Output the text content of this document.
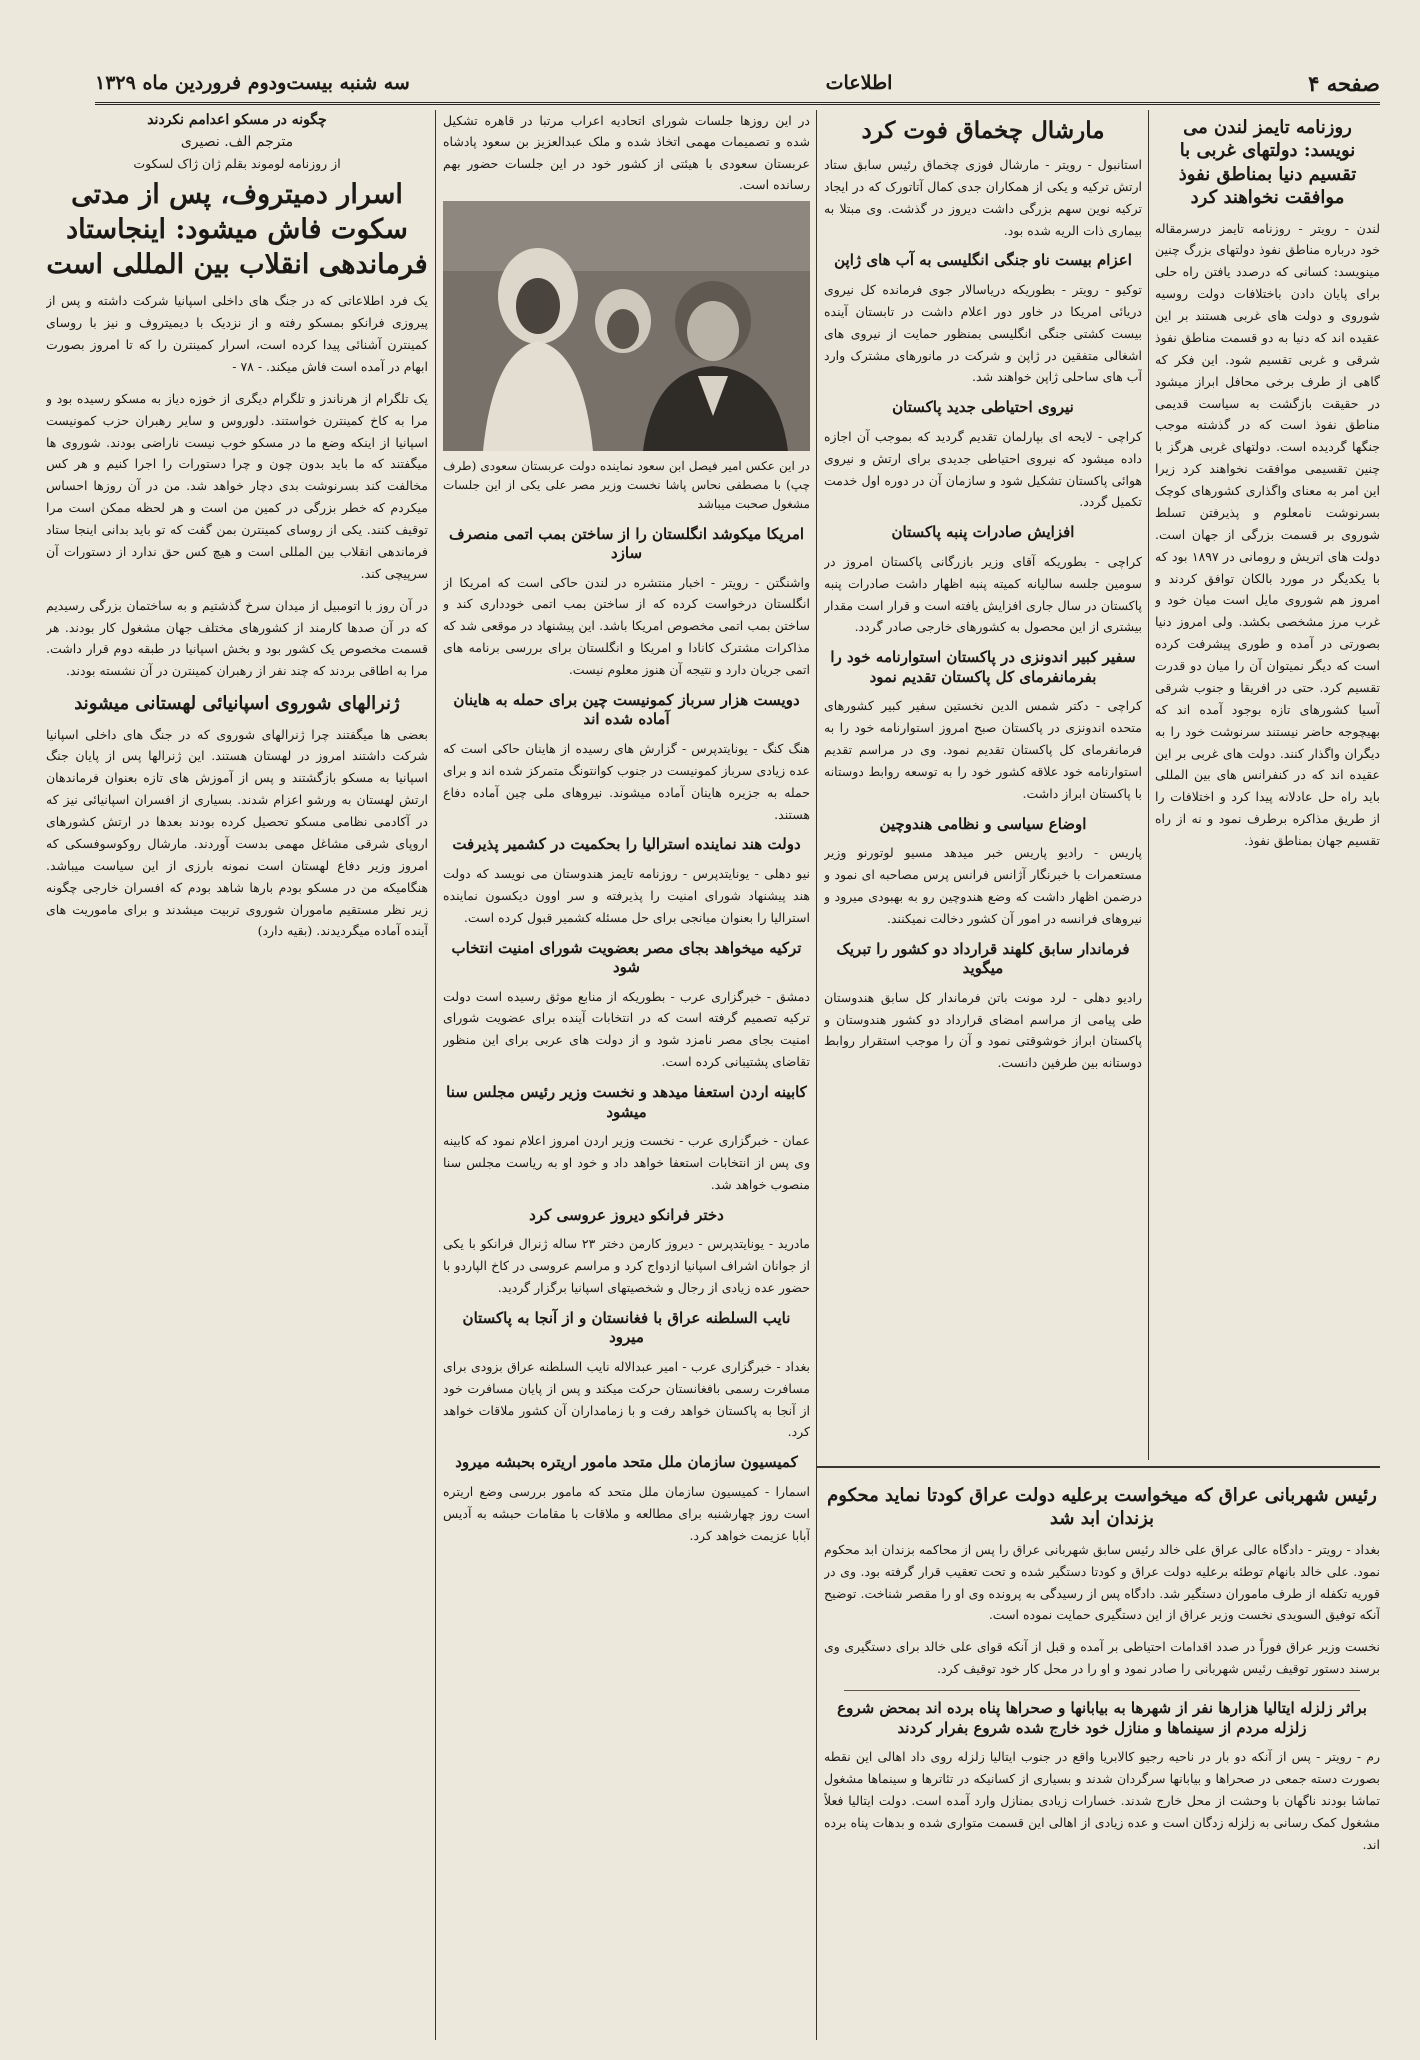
صفحه ۴
اطلاعات
سه شنبه بیست‌ودوم فروردین ماه ۱۳۲۹
روزنامه تایمز لندن می نویسد: دولتهای غربی با تقسیم دنیا بمناطق نفوذ موافقت نخواهند کرد

لندن - رویتر - روزنامه تایمز درسرمقاله خود درباره مناطق نفوذ دولتهای بزرگ چنین مینویسد: کسانی که درصدد یافتن راه حلی برای پایان دادن باختلافات دولت روسیه شوروی و دولت های غربی هستند بر این عقیده اند که دنیا به دو قسمت مناطق نفوذ شرقی و غربی تقسیم شود. این فکر که گاهی از طرف برخی محافل ابراز میشود در حقیقت بازگشت به سیاست قدیمی مناطق نفوذ است که در گذشته موجب جنگها گردیده است. دولتهای غربی هرگز با چنین تقسیمی موافقت نخواهند کرد زیرا این امر به معنای واگذاری کشورهای کوچک بسرنوشت نامعلوم و پذیرفتن تسلط شوروی بر قسمت بزرگی از جهان است. دولت های اتریش و رومانی در ۱۸۹۷ بود که با یکدیگر در مورد بالکان توافق کردند و امروز هم شوروی مایل است میان خود و غرب مرز مشخصی بکشد. ولی امروز دنیا بصورتی در آمده و طوری پیشرفت کرده است که دیگر نمیتوان آن را میان دو قدرت تقسیم کرد. حتی در افریقا و جنوب شرقی آسیا کشورهای تازه بوجود آمده اند که بهیچوجه حاضر نیستند سرنوشت خود را به دیگران واگذار کنند. دولت های غربی بر این عقیده اند که در کنفرانس های بین المللی باید راه حل عادلانه پیدا کرد و اختلافات را از طریق مذاکره برطرف نمود و نه از راه تقسیم جهان بمناطق نفوذ.

مارشال چخماق فوت کرد

استانبول - رویتر - مارشال فوزی چخماق رئیس سابق ستاد ارتش ترکیه و یکی از همکاران جدی کمال آتاتورک که در ایجاد ترکیه نوین سهم بزرگی داشت دیروز در گذشت. وی مبتلا به بیماری ذات الریه شده بود.

اعزام بیست ناو جنگی انگلیسی به آب های ژاپن

توکیو - رویتر - بطوریکه دریاسالار جوی فرمانده کل نیروی دریائی امریکا در خاور دور اعلام داشت در تابستان آینده بیست کشتی جنگی انگلیسی بمنظور حمایت از نیروی های اشغالی متفقین در ژاپن و شرکت در مانورهای مشترک وارد آب های ساحلی ژاپن خواهند شد.

نیروی احتیاطی جدید پاکستان

کراچی - لایحه ای بپارلمان تقدیم گردید که بموجب آن اجازه داده میشود که نیروی احتیاطی جدیدی برای ارتش و نیروی هوائی پاکستان تشکیل شود و سازمان آن در دوره اول خدمت تکمیل گردد.

افزایش صادرات پنبه پاکستان

کراچی - بطوریکه آقای وزیر بازرگانی پاکستان امروز در سومین جلسه سالیانه کمیته پنبه اظهار داشت صادرات پنبه پاکستان در سال جاری افزایش یافته است و قرار است مقدار بیشتری از این محصول به کشورهای خارجی صادر گردد.

سفیر کبیر اندونزی در پاکستان استوارنامه خود را بفرمانفرمای کل پاکستان تقدیم نمود

کراچی - دکتر شمس الدین نخستین سفیر کبیر کشورهای متحده اندونزی در پاکستان صبح امروز استوارنامه خود را به فرمانفرمای کل پاکستان تقدیم نمود. وی در مراسم تقدیم استوارنامه خود علاقه کشور خود را به توسعه روابط دوستانه با پاکستان ابراز داشت.

اوضاع سیاسی و نظامی هندوچین

پاریس - رادیو پاریس خبر میدهد مسیو لوتورنو وزیر مستعمرات با خبرنگار آژانس فرانس پرس مصاحبه ای نمود و درضمن اظهار داشت که وضع هندوچین رو به بهبودی میرود و نیروهای فرانسه در امور آن کشور دخالت نمیکنند.

فرماندار سابق کلهند قرارداد دو کشور را تبریک میگوید

رادیو دهلی - لرد مونت باتن فرماندار کل سابق هندوستان طی پیامی از مراسم امضای قرارداد دو کشور هندوستان و پاکستان ابراز خوشوقتی نمود و آن را موجب استقرار روابط دوستانه بین طرفین دانست.

رئیس شهربانی عراق که میخواست برعلیه دولت عراق کودتا نماید محکوم بزندان ابد شد

بغداد - رویتر - دادگاه عالی عراق علی خالد رئیس سابق شهربانی عراق را پس از محاکمه بزندان ابد محکوم نمود. علی خالد بانهام توطئه برعلیه دولت عراق و کودتا دستگیر شده و تحت تعقیب قرار گرفته بود. وی در قوریه تکفله از طرف ماموران دستگیر شد. دادگاه پس از رسیدگی به پرونده وی او را مقصر شناخت. توضیح آنکه توفیق السویدی نخست وزیر عراق از این دستگیری حمایت نموده است.

نخست وزیر عراق فوراً در صدد اقدامات احتیاطی بر آمده و قبل از آنکه قوای علی خالد برای دستگیری وی برسند دستور توقیف رئیس شهربانی را صادر نمود و او را در محل کار خود توقیف کرد.

براثر زلزله ایتالیا هزارها نفر از شهرها به بیابانها و صحراها پناه برده اند بمحض شروع زلزله مردم از سینماها و منازل خود خارج شده شروع بفرار کردند

رم - رویتر - پس از آنکه دو بار در ناحیه رجیو کالابریا واقع در جنوب ایتالیا زلزله روی داد اهالی این نقطه بصورت دسته جمعی در صحراها و بیابانها سرگردان شدند و بسیاری از کسانیکه در تئاترها و سینماها مشغول تماشا بودند ناگهان با وحشت از محل خارج شدند. خسارات زیادی بمنازل وارد آمده است. دولت ایتالیا فعلاً مشغول کمک رسانی به زلزله زدگان است و عده زیادی از اهالی این قسمت متواری شده و بدهات پناه برده اند.

در این روزها جلسات شورای اتحادیه اعراب مرتبا در قاهره تشکیل شده و تصمیمات مهمی اتخاذ شده و ملک عبدالعزیز بن سعود پادشاه عربستان سعودی با هیئتی از کشور خود در این جلسات حضور بهم رسانده است.

در این عکس امیر فیصل ابن سعود نماینده دولت عربستان سعودی (طرف چپ) با مصطفی نحاس پاشا نخست وزیر مصر علی یکی از این جلسات مشغول صحبت میباشد

امریکا میکوشد انگلستان را از ساختن بمب اتمی منصرف سازد

واشنگتن - رویتر - اخبار منتشره در لندن حاکی است که امریکا از انگلستان درخواست کرده که از ساختن بمب اتمی خودداری کند و ساختن بمب اتمی مخصوص امریکا باشد. این پیشنهاد در موقعی شد که مذاکرات مشترک کانادا و امریکا و انگلستان برای بررسی برنامه های اتمی جریان دارد و نتیجه آن هنوز معلوم نیست.

دویست هزار سرباز کمونیست چین برای حمله به هاینان آماده شده اند

هنگ کنگ - یونایتدپرس - گزارش های رسیده از هاینان حاکی است که عده زیادی سرباز کمونیست در جنوب کوانتونگ متمرکز شده اند و برای حمله به جزیره هاینان آماده میشوند. نیروهای ملی چین آماده دفاع هستند.

دولت هند نماینده استرالیا را بحکمیت در کشمیر پذیرفت

نیو دهلی - یونایتدپرس - روزنامه تایمز هندوستان می نویسد که دولت هند پیشنهاد شورای امنیت را پذیرفته و سر اوون دیکسون نماینده استرالیا را بعنوان میانجی برای حل مسئله کشمیر قبول کرده است.

ترکیه میخواهد بجای مصر بعضویت شورای امنیت انتخاب شود

دمشق - خبرگزاری عرب - بطوریکه از منابع موثق رسیده است دولت ترکیه تصمیم گرفته است که در انتخابات آینده برای عضویت شورای امنیت بجای مصر نامزد شود و از دولت های عربی برای این منظور تقاضای پشتیبانی کرده است.

کابینه اردن استعفا میدهد و نخست وزیر رئیس مجلس سنا میشود

عمان - خبرگزاری عرب - نخست وزیر اردن امروز اعلام نمود که کابینه وی پس از انتخابات استعفا خواهد داد و خود او به ریاست مجلس سنا منصوب خواهد شد.

دختر فرانکو دیروز عروسی کرد

مادرید - یونایتدپرس - دیروز کارمن دختر ۲۳ ساله ژنرال فرانکو با یکی از جوانان اشراف اسپانیا ازدواج کرد و مراسم عروسی در کاخ الپاردو با حضور عده زیادی از رجال و شخصیتهای اسپانیا برگزار گردید.

نایب السلطنه عراق با فغانستان و از آنجا به پاکستان میرود

بغداد - خبرگزاری عرب - امیر عبدالاله نایب السلطنه عراق بزودی برای مسافرت رسمی بافغانستان حرکت میکند و پس از پایان مسافرت خود از آنجا به پاکستان خواهد رفت و با زمامداران آن کشور ملاقات خواهد کرد.

کمیسیون سازمان ملل متحد مامور اریتره بحبشه میرود

اسمارا - کمیسیون سازمان ملل متحد که مامور بررسی وضع اریتره است روز چهارشنبه برای مطالعه و ملاقات با مقامات حبشه به آدیس آبابا عزیمت خواهد کرد.

چگونه در مسکو اعدامم نکردند
مترجم الف. نصیری
از روزنامه لوموند بقلم ژان ژاک لسکوت
اسرار دمیتروف، پس از مدتی سکوت فاش میشود: اینجاستاد فرماندهی انقلاب بین المللی است

یک فرد اطلاعاتی که در جنگ های داخلی اسپانیا شرکت داشته و پس از پیروزی فرانکو بمسکو رفته و از نزدیک با دیمیتروف و نیز با روسای کمینترن آشنائی پیدا کرده است، اسرار کمینترن را که تا امروز بصورت ابهام در آمده است فاش میکند. - ۷۸ -

یک تلگرام از هرناندز و تلگرام دیگری از خوزه دیاز به مسکو رسیده بود و مرا به کاخ کمینترن خواستند. دلوروس و سایر رهبران حزب کمونیست اسپانیا از اینکه وضع ما در مسکو خوب نیست ناراضی بودند. شوروی ها میگفتند که ما باید بدون چون و چرا دستورات را اجرا کنیم و هر کس مخالفت کند بسرنوشت بدی دچار خواهد شد. من در آن روزها احساس میکردم که خطر بزرگی در کمین من است و هر لحظه ممکن است مرا توقیف کنند. یکی از روسای کمینترن بمن گفت که تو باید بدانی اینجا ستاد فرماندهی انقلاب بین المللی است و هیچ کس حق ندارد از دستورات آن سرپیچی کند.

در آن روز با اتومبیل از میدان سرخ گذشتیم و به ساختمان بزرگی رسیدیم که در آن صدها کارمند از کشورهای مختلف جهان مشغول کار بودند. هر قسمت مخصوص یک کشور بود و بخش اسپانیا در طبقه دوم قرار داشت. مرا به اطاقی بردند که چند نفر از رهبران کمینترن در آن نشسته بودند.

ژنرالهای شوروی اسپانیائی لهستانی میشوند

بعضی ها میگفتند چرا ژنرالهای شوروی که در جنگ های داخلی اسپانیا شرکت داشتند امروز در لهستان هستند. این ژنرالها پس از پایان جنگ اسپانیا به مسکو بازگشتند و پس از آموزش های تازه بعنوان فرماندهان ارتش لهستان به ورشو اعزام شدند. بسیاری از افسران اسپانیائی نیز که در آکادمی نظامی مسکو تحصیل کرده بودند بعدها در ارتش کشورهای اروپای شرقی مشاغل مهمی بدست آوردند. مارشال روکوسوفسکی که امروز وزیر دفاع لهستان است نمونه بارزی از این سیاست میباشد. هنگامیکه من در مسکو بودم بارها شاهد بودم که افسران خارجی چگونه زیر نظر مستقیم ماموران شوروی تربیت میشدند و برای ماموریت های آینده آماده میگردیدند. (بقیه دارد)
